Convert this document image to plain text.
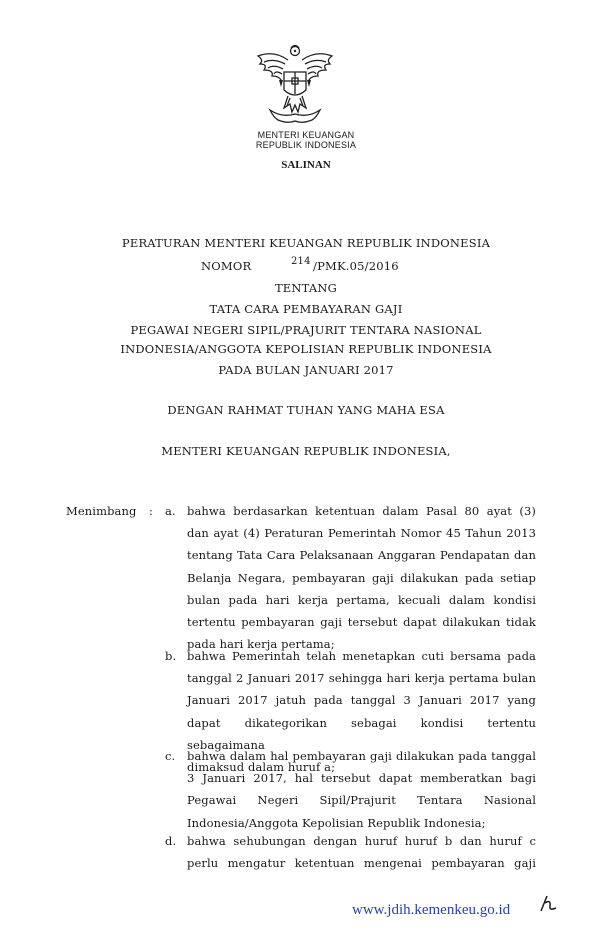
MENTERI KEUANGAN
REPUBLIK INDONESIA
SALINAN
PERATURAN MENTERI KEUANGAN REPUBLIK INDONESIA
NOMOR	214 /PMK.05/2016
TENTANG
TATA CARA PEMBAYARAN GAJI
PEGAWAI NEGERI SIPIL/PRAJURIT TENTARA NASIONAL
INDONESIA/ANGGOTA KEPOLISIAN REPUBLIK INDONESIA
PADA BULAN JANUARI 2017
DENGAN RAHMAT TUHAN YANG MAHA ESA
MENTERI KEUANGAN REPUBLIK INDONESIA,
Menimbang : a. bahwa berdasarkan ketentuan dalam Pasal 80 ayat (3)
dan ayat (4) Peraturan Pemerintah Nomor 45 Tahun 2013
tentang Tata Cara Pelaksanaan Anggaran Pendapatan dan
Belanja Negara, pembayaran gaji dilakukan pada setiap
bulan pada hari kerja pertama, kecuali dalam kondisi
tertentu pembayaran gaji tersebut dapat dilakukan tidak
pada hari kerja pertama;
b. bahwa Pemerintah telah menetapkan cuti bersama pada
tanggal 2 Januari 2017 sehingga hari kerja pertama bulan
Januari 2017 jatuh pada tanggal 3 Januari 2017 yang
dapat dikategorikan sebagai kondisi tertentu sebagaimana
dimaksud dalam huruf a;
c. bahwa dalam hal pembayaran gaji dilakukan pada tanggal
3 Januari 2017, hal tersebut dapat memberatkan bagi
Pegawai Negeri Sipil/Prajurit Tentara Nasional
Indonesia/Anggota Kepolisian Republik Indonesia;
d. bahwa sehubungan dengan huruf huruf b dan huruf c
perlu mengatur ketentuan mengenai pembayaran gaji
www.jdih.kemenkeu.go.id
